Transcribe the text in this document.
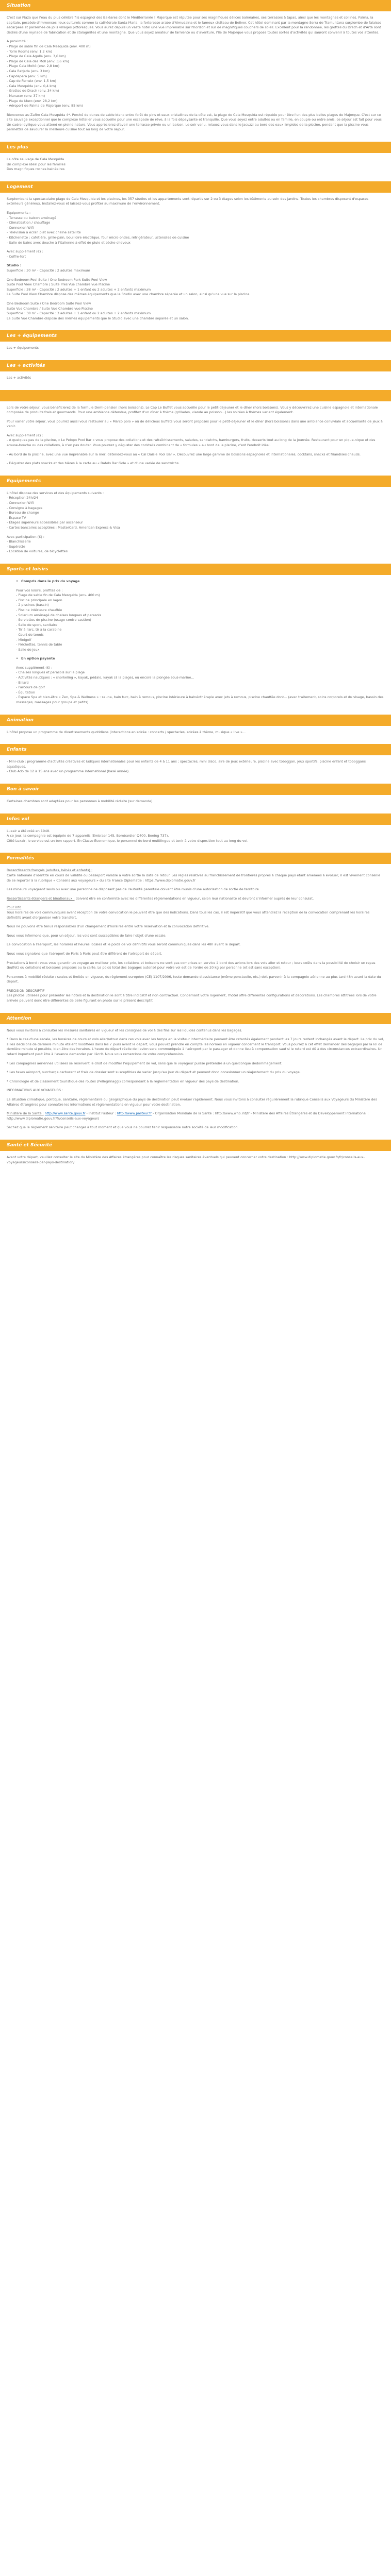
Situation

C'est sur Plaza que l'eau du plus célèbre fils espagnol des Baléares dont le Méditerranée ! Majorque est réputée pour ses magnifiques délices balnéaires, ses terrasses à tapas, ainsi que les montagnes et collines. Palma, la capitale, possède d'immenses lieux culturels comme la cathédrale Santa Maria, la forteresse arabe d'Almudaina et le fameux château de Bellver. Cet hôtel dominant par la montagne Serra de Tramuntana surplombe de falaises escarpées et parsemée de jolis villages pittoresques. Vous aurez depuis un vaste hotel une vue imprenable sur l'horizon et sur de magnifiques couchers de soleil. Excellent pour la randonnée, les grottes du Drach et d'Artà sont dédiés d'une myriade de fabrication et de stalagmites et une montagne. Que vous soyez amateur de farniente ou d'aventure, l'île de Majorque vous propose toutes sortes d'activités qui sauront convenir à toutes vos attentes.

A proximité :
- Plage de sable fin de Cala Mesquida (env. 400 m)
- Torre Rooms (env. 1,2 km)
- Plage de Cala Agulla (env. 3,6 km)
- Plage de Cala des Moll (env. 3,6 km)
- Plage Cala Moltó (env. 2,8 km)
- Cala Ratjada (env. 3 km)
- Capdepera (env. 5 km)
- Cap de Ferrutx (env. 1,5 km)
- Cala Mesquida (env. 0,4 km)
- Grottes de Drach (env. 34 km)
- Manacor (env. 37 km)
- Plage de Muro (env. 28,2 km)
- Aéroport de Palma de Majorque (env. 85 km)

Bienvenue au Zafiro Cala Mesquida 4*. Perché de dunes de sable blanc entre forêt de pins et eaux cristallines de la côte est, la plage de Cala Mesquida est réputée pour être l'un des plus belles plages de Majorque. C'est sur ce site sauvage exceptionnel que le complexe hôtelier vous accueille pour une escapade de rêve, à la fois dépaysante et tranquille. Que vous soyez entre adultes ou en famille, en couple ou entre amis, ce séjour est fait pour vous. Un cadre idyllique vous attend en pleine nature. Vous apprécierez d'avoir une terrasse privée ou un balcon. Le soir venu, relaxez-vous dans le jacuzzi au bord des eaux limpides de la piscine, pendant que la piscine vous permettra de savourer la meilleure cuisine tout au long de votre séjour.

Les plus
La côte sauvage de Cala Mesquida
Un complexe idéal pour les familles
Des magnifiques roches balnéaires
Logement

Surplombant la spectaculaire plage de Cala Mesquida et les piscines, les 357 studios et les appartements sont répartis sur 2 ou 3 étages selon les bâtiments au sein des jardins. Toutes les chambres disposent d'espaces extérieurs généreux. Installez-vous et laissez-vous profiter au maximum de l'environnement.

Equipements :
- Terrasse ou balcon aménagé
- Climatisation / chauffage
- Connexion Wifi
- Télévision à écran plat avec chaîne satellite
- Kitchenette : cafetière, grille-pain, bouilloire électrique, four micro-ondes, réfrigérateur, ustensiles de cuisine
- Salle de bains avec douche à l'italienne à effet de pluie et sèche-cheveux
Avec supplément (€) :

- Coffre-fort

Studio :

Superficie : 30 m² - Capacité : 2 adultes maximum

One Bedroom Pool Suite / One Bedroom Park Suite Pool View
Suite Pool View Chambre / Suite Pres Vue chambre vue Piscine
Superficie : 38 m² - Capacité : 2 adultes + 1 enfant ou 2 adultes + 2 enfants maximum

La Suite Pool View Chambre dispose des mêmes équipements que le Studio avec une chambre séparée et un salon, ainsi qu'une vue sur la piscine

One Bedroom Suite / One Bedroom Suite Pool View
Suite Vue Chambre / Suite Vue Chambre vue Piscine
Superficie : 38 m² - Capacité : 3 adultes + 1 enfant ou 2 adultes + 2 enfants maximum

La Suite Vue Chambre dispose des mêmes équipements que le Studio avec une chambre séparée et un salon.

Les + équipements

Les + équipements

Les + activités

Les + activités

Lors de votre séjour, vous bénéficierez de la formule Demi-pension (hors boissons). Le Cap Le Buffet vous accueille pour le petit-déjeuner et le dîner (hors boissons). Vous y découvrirez une cuisine espagnole et internationale composée de produits frais et gourmands. Pour une ambiance détendue, profitez d'un dîner à thème (grillades, viande au poisson...) les soirées à thèmes varient également.

Pour varier votre séjour, vous pourrez aussi vous restaurer au « Marco polo » où de délicieux buffets vous seront proposés pour le petit-déjeuner et le dîner (hors boissons) dans une ambiance conviviale et accueillante de jeux à venir.

Avec supplément (€) :

- A quelques pas de la piscine, « Le Pelopo Pool Bar » vous propose des collations et des rafraîchissements, salades, sandwichs, hamburgers, fruits, desserts tout au long de la journée. Restaurant pour un pique-nique et des amuse-bouche ou des collations, à n'en pas douter. Vous pourrez y déguster des cocktails combinant de « formules » au bord de la piscine, c'est l'endroit idéal.

- Au bord de la piscine, avec une vue imprenable sur la mer, détendez-vous au « Cal Daisie Pool Bar ». Découvrez une large gamme de boissons espagnoles et internationales, cocktails, snacks et friandises chauds.

- Déguster des plats snacks et des bières à la carte au « Batels Bar Gole » et d'une variée de sandwichs.

Equipements
L'hôtel dispose des services et des équipements suivants :
- Réception 24h/24
- Connexion Wifi
- Consigne à bagages
- Bureau de change
- Espace TV
- Étages supérieurs accessibles par ascenseur
- Cartes bancaires acceptées : MasterCard, American Express & Visa
Avec participation (€) :
- Blanchisserie
- Supérette
- Location de voitures, de bicyclettes
Sports et loisirs
• Compris dans le prix du voyage
Pour vos loisirs, profitez de :
- Plage de sable fin de Cala Mesquida (env. 400 m)
- Piscine principale en lagon
- 2 piscines (bassin)
- Piscine intérieure chauffée
- Solarium aménagé de chaises longues et parasols
- Serviettes de piscine (usage contre caution)
- Salle de sport, sanitaire
- Tir à l'arc, tir à la carabine
- Court de tennis
- Minigolf
- Fléchettes, tennis de table
- Salle de jeux
• En option payante
Avec supplément (€) :
- Chaises longues et parasols sur la plage
- Activités nautiques : « snorkeling », kayak, pédalo, kayak (à la plage), ou encore la plongée sous-marine...
- Billard
- Parcours de golf
- Équitation
- Espace Spa et bien-être « Zen, Spa & Wellness » : sauna, bain turc, bain à remous, piscine intérieure à balnéothérapie avec jets à remous, piscine chauffée dont... (avec traitement, soins corporels et du visage, bassin des massages, massages pour groupe et petits)
Animation

L'hôtel propose un programme de divertissements quotidiens (interactions en soirée : concerts / spectacles, soirées à thème, musique « live »...

Enfants
- Mini-club : programme d'activités créatives et ludiques internationales pour les enfants de 4 à 11 ans ; spectacles, mini disco, aire de jeux extérieure, piscine avec toboggan, jeux sportifs, piscine enfant et toboggans aquatiques.

- Club Ado de 12 à 15 ans avec un programme international (basé année).

Bon à savoir

Certaines chambres sont adaptées pour les personnes à mobilité réduite (sur demande).

Infos vol
Luxair a été créé en 1948.
A ce jour, la compagnie est équipée de 7 appareils (Embraer 145, Bombardier Q400, Boeing 737).

Côté Luxair, le service est un bon rapport. En Classe Economique, le personnel de bord multilingue et tenir à votre disposition tout au long du vol.

Formalités
Ressortissants français (adultes, bébés et enfants) :

Carte nationale d'identité en cours de validité ou passeport valable à votre sortie la date de retour. Les règles relatives au franchissement de frontières propres à chaque pays étant amenées à évoluer, il est vivement conseillé de se reporter à la rubrique « Conseils aux voyageurs » du site France Diplomatie : https://www.diplomatie.gouv.fr

Les mineurs voyageant seuls ou avec une personne ne disposant pas de l'autorité parentale doivent être munis d'une autorisation de sortie de territoire.

Ressortissants étrangers et binationaux : doivent être en conformité avec les différentes réglementations en vigueur, selon leur nationalité et devront s'informer auprès de leur consulat.

Pour info

Tous horaires de vols communiqués avant réception de votre convocation le peuvent être que des indications. Dans tous les cas, il est impératif que vous attendiez la réception de la convocation comprenant les horaires définitifs avant d'organiser votre transfert.

Nous ne pouvons être tenus responsables d'un changement d'horaires entre votre réservation et la convocation définitive.

Nous vous informons que, pour un séjour, les vols sont susceptibles de faire l'objet d'une escale.

La convocation à l'aéroport, les horaires et heures locales et le poids de vol définitifs vous seront communiqués dans les 48h avant le départ.

Nous vous signalons que l'aéroport de Paris à Paris peut être différent de l'aéroport de départ.

Prestations à bord : vous vous garantir un voyage au meilleur prix, les collations et boissons ne sont pas comprises en service à bord des avions lors des vols aller et retour ; leurs coûts dans la possibilité de choisir un repas (buffet) ou collations et boissons proposés ou la carte. Le poids total des bagages autorisé pour votre vol est de l'ordre de 20 kg par personne (et est sans exception).

Personnes à mobilité réduite : seules et limitée en vigueur, du règlement européen (CE) 1107/2006, toute demande d'assistance (même ponctuelle, etc.) doit parvenir à la compagnie aérienne au plus tard 48h avant la date du départ.

PRECISION DESCRIPTIF

Les photos utilisées pour présenter les hôtels et la destination le sont à titre indicatif et non contractuel. Concernant votre logement, l'hôtel offre différentes configurations et décorations. Les chambres attitrées lors de votre arrivée peuvent donc être différentes de celle figurant en photo sur le présent descriptif.

Attention

Nous vous invitons à consulter les mesures sanitaires en vigueur et les consignes de vol à des fins sur les liquides contenus dans les bagages.

* Dans le cas d'une escale, les horaires de cours et vols aller/retour dans ces vols avec les temps en la visiteur intermédiaire peuvent être retardés également pendant les 7 jours restent inchangés avant le départ. Le prix du vol, si les décisions de dernière minute étaient modifiées dans les 7 jours avant le départ, vous pouvez prendre en compte les normes en vigueur concernant le transport. Vous pourrez à cet effet demander des bagages par la loi de dernière minute si possible, bien-être des horaires. L'heure de départ réelle de l'avion sera communiquée à l'aéroport par le passager et donne lieu à compensation sauf si le retard est dû à des circonstances extraordinaires. Un retard important peut être à l'avance demander par l'écrit. Nous vous remercions de votre compréhension.

* Les compagnies aériennes utilisées se réservent le droit de modifier l'équipement de vol, sans que le voyageur puisse prétendre à un quelconque dédommagement.

* Les taxes aéroport, surcharge carburant et frais de dossier sont susceptibles de varier jusqu'au jour du départ et peuvent donc occasionner un réajustement du prix du voyage.

* Chronologie et de classement touristique des routes (Pellegrinaggi) correspondant à la réglementation en vigueur des pays de destination.

INFORMATIONS AUX VOYAGEURS :

La situation climatique, politique, sanitaire, réglementaire ou géographique du pays de destination peut évoluer rapidement. Nous vous invitons à consulter régulièrement la rubrique Conseils aux Voyageurs du Ministère des Affaires étrangères pour connaître les informations et réglementations en vigueur pour votre destination.

Ministère de la Santé : http://www.sante.gouv.fr - Institut Pasteur : http://www.pasteur.fr - Organisation Mondiale de la Santé : http://www.who.int/fr - Ministère des Affaires Étrangères et du Développement International : http://www.diplomatie.gouv.fr/fr/conseils-aux-voyageurs

Sachez que le règlement sanitaire peut changer à tout moment et que vous ne pourrez tenir responsable notre société de leur modification.

Santé et Sécurité

Avant votre départ, veuillez consulter le site du Ministère des Affaires étrangères pour connaître les risques sanitaires éventuels qui peuvent concerner votre destination : http://www.diplomatie.gouv.fr/fr/conseils-aux-voyageurs/conseils-par-pays-destination/
